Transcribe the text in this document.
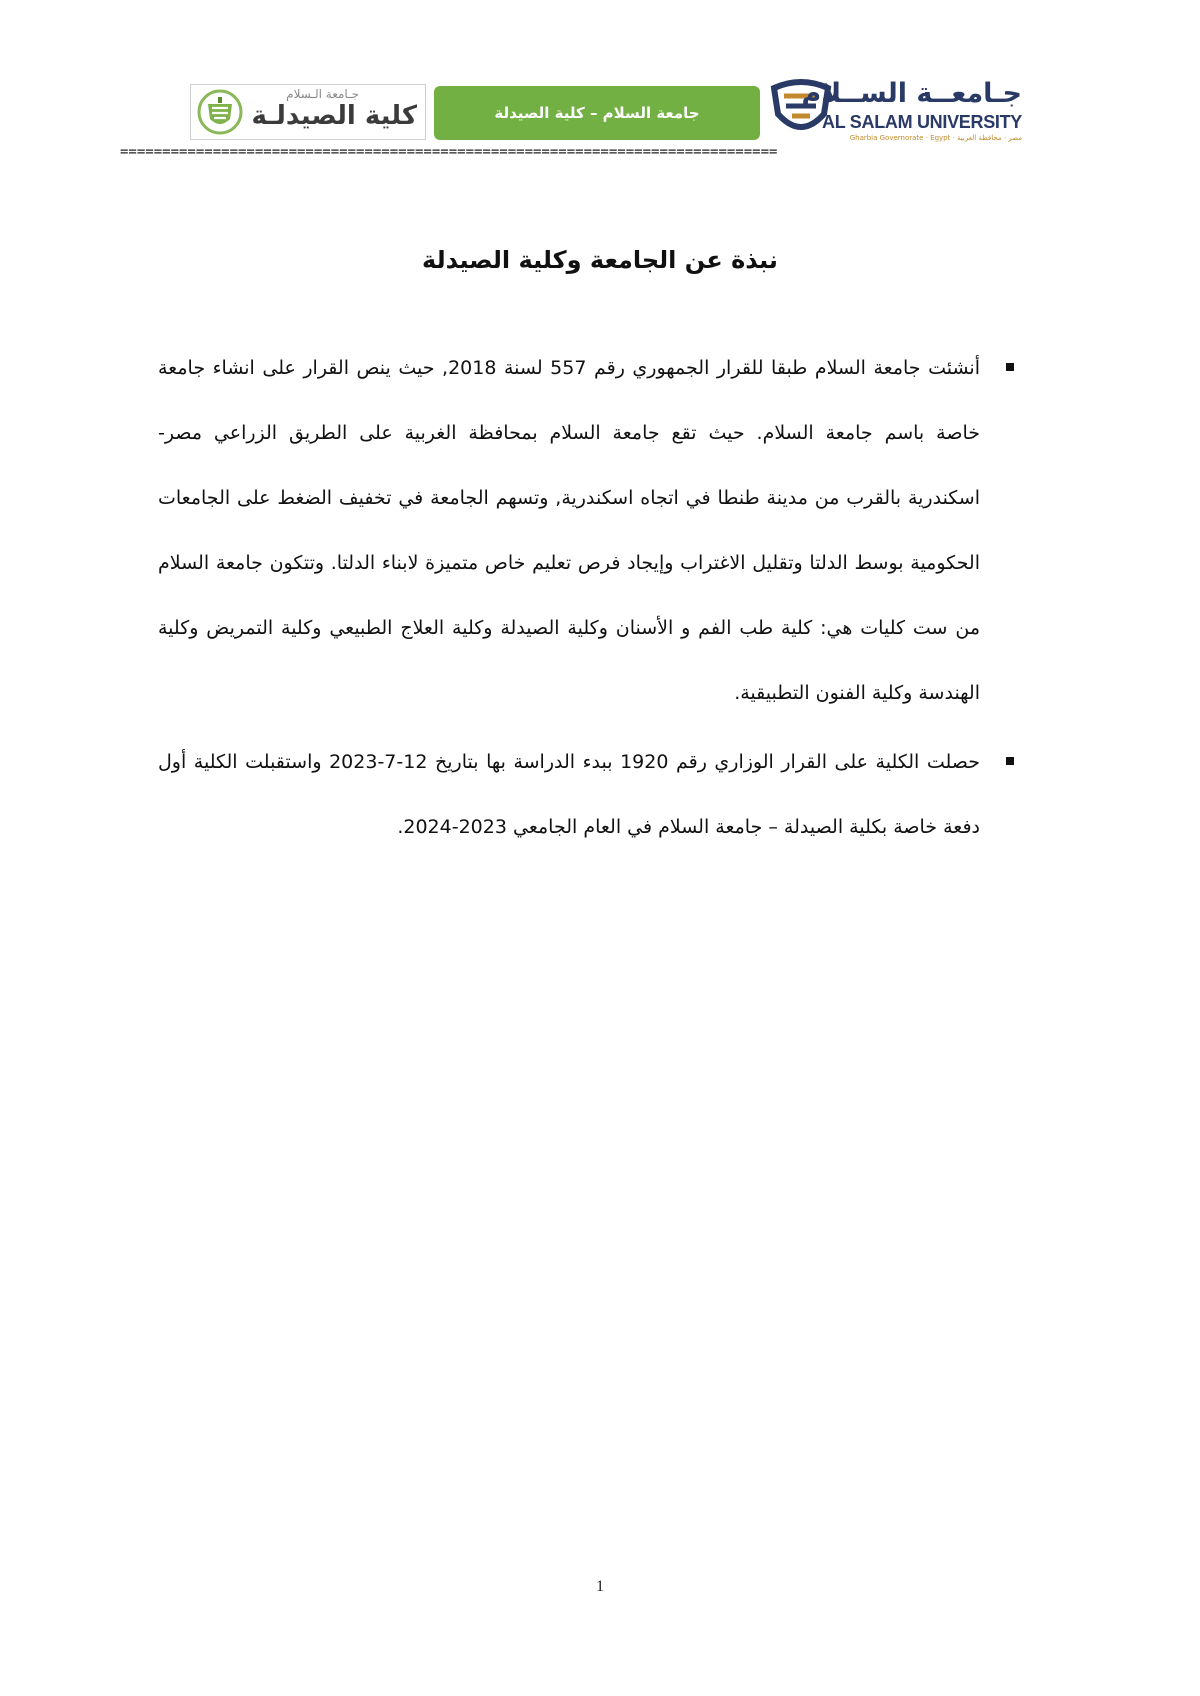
جـامعة الـسلام
كلية الصيدلـة	جامعة السلام – كلية الصيدلة
جـامعــة الســلام
AL SALAM UNIVERSITY
Gharbia Governorate · Egypt · مصر · محافظة الغربية
==============================================================================
نبذة عن الجامعة وكلية الصيدلة

أنشئت جامعة السلام طبقا للقرار الجمهوري رقم 557 لسنة 2018, حيث ينص القرار على انشاء جامعة خاصة باسم جامعة السلام. حيث تقع جامعة السلام بمحافظة الغربية على الطريق الزراعي مصر- اسكندرية بالقرب من مدينة طنطا في اتجاه اسكندرية, وتسهم الجامعة في تخفيف الضغط على الجامعات الحكومية بوسط الدلتا وتقليل الاغتراب وإيجاد فرص تعليم خاص متميزة لابناء الدلتا. وتتكون جامعة السلام من ست كليات هي: كلية طب الفم و الأسنان وكلية الصيدلة وكلية العلاج الطبيعي وكلية التمريض وكلية الهندسة وكلية الفنون التطبيقية.

حصلت الكلية على القرار الوزاري رقم 1920 ببدء الدراسة بها بتاريخ 12-7-2023 واستقبلت الكلية أول دفعة خاصة بكلية الصيدلة – جامعة السلام في العام الجامعي 2023-2024.

1
